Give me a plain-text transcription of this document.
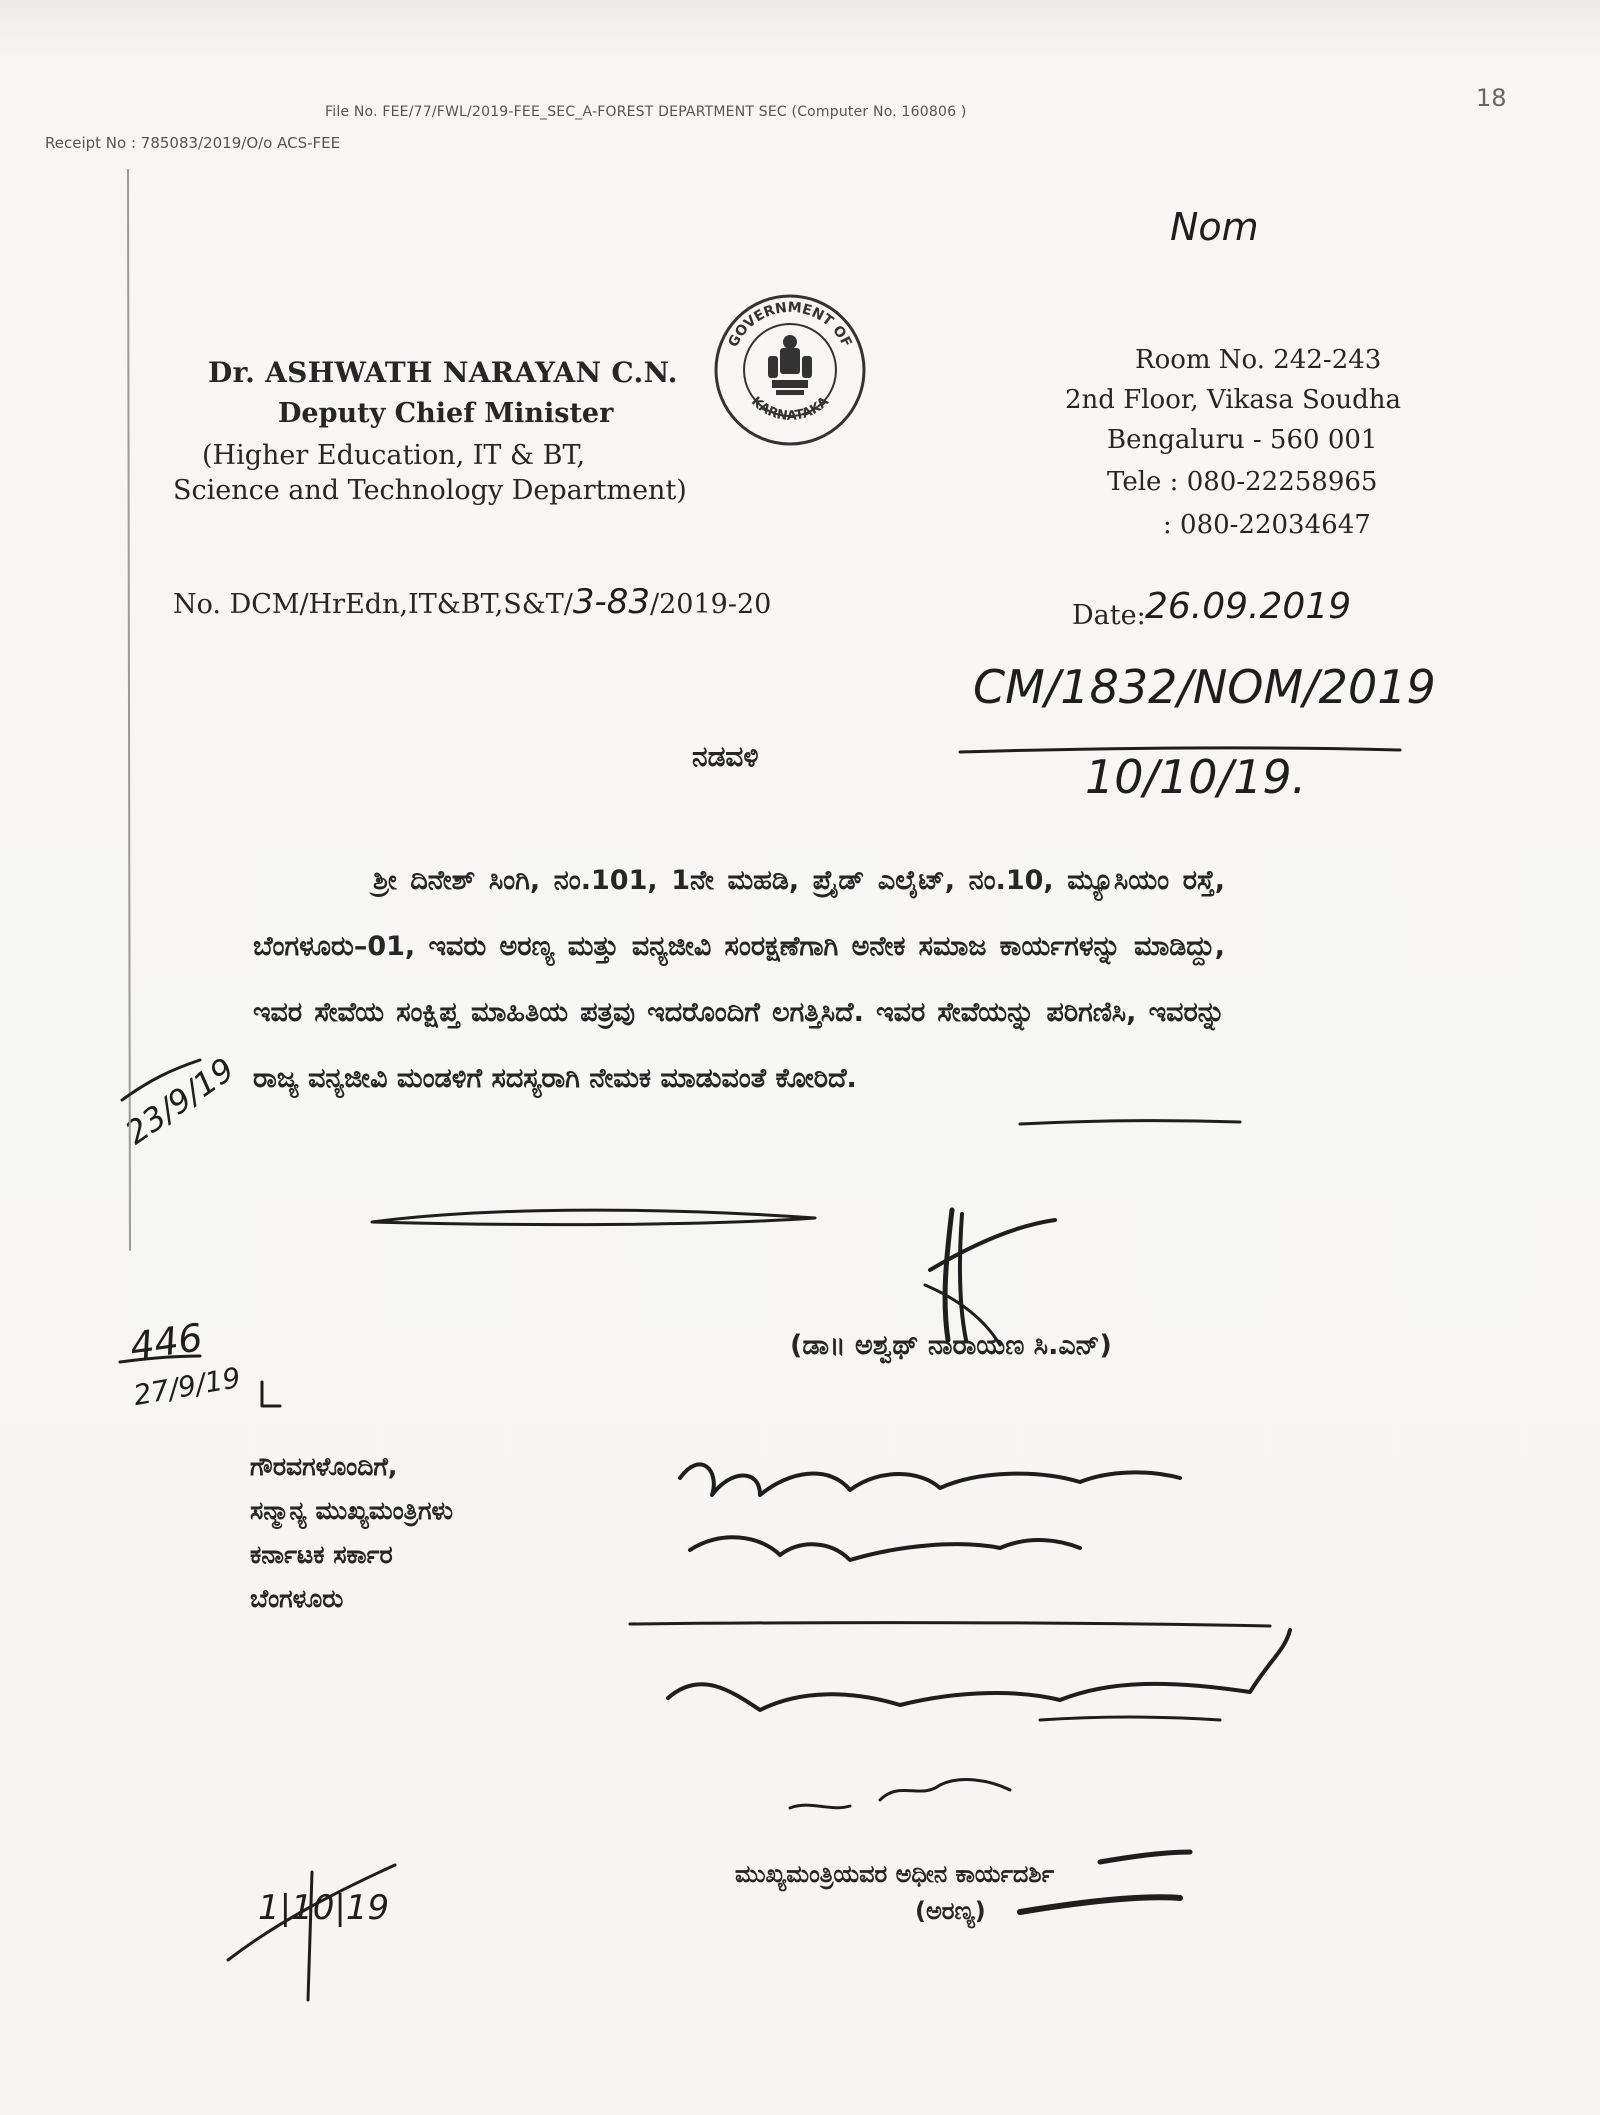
File No. FEE/77/FWL/2019-FEE_SEC_A-FOREST DEPARTMENT SEC (Computer No. 160806 )
Receipt No : 785083/2019/O/o ACS-FEE
18
Nom
Dr. ASHWATH NARAYAN C.N.
Deputy Chief Minister
(Higher Education, IT & BT,
Science and Technology Department)
GOVERNMENT OF
KARNATAKA
Room No. 242-243
2nd Floor, Vikasa Soudha
Bengaluru - 560 001
Tele : 080-22258965
: 080-22034647
No. DCM/HrEdn,IT&BT,S&T/3-83/2019-20	Date: 26.09.2019
CM/1832/NOM/2019
10/10/19.
ನಡವಳಿ
ಶ್ರೀ ದಿನೇಶ್ ಸಿಂಗಿ, ನಂ.101, 1ನೇ ಮಹಡಿ, ಪ್ರೈಡ್ ಎಲೈಟ್, ನಂ.10, ಮ್ಯೂಸಿಯಂ ರಸ್ತೆ, ಬೆಂಗಳೂರು–01, ಇವರು ಅರಣ್ಯ ಮತ್ತು ವನ್ಯಜೀವಿ ಸಂರಕ್ಷಣೆಗಾಗಿ ಅನೇಕ ಸಮಾಜ ಕಾರ್ಯಗಳನ್ನು ಮಾಡಿದ್ದು, ಇವರ ಸೇವೆಯ ಸಂಕ್ಷಿಪ್ತ ಮಾಹಿತಿಯ ಪತ್ರವು ಇದರೊಂದಿಗೆ ಲಗತ್ತಿಸಿದೆ. ಇವರ ಸೇವೆಯನ್ನು ಪರಿಗಣಿಸಿ, ಇವರನ್ನು ರಾಜ್ಯ ವನ್ಯಜೀವಿ ಮಂಡಳಿಗೆ ಸದಸ್ಯರಾಗಿ ನೇಮಕ ಮಾಡುವಂತೆ ಕೋರಿದೆ.
(ಡಾ॥ ಅಶ್ವಥ್ ನಾರಾಯಣ ಸಿ.ಎನ್)
ಗೌರವಗಳೊಂದಿಗೆ,
ಸನ್ಮಾನ್ಯ ಮುಖ್ಯಮಂತ್ರಿಗಳು
ಕರ್ನಾಟಕ ಸರ್ಕಾರ
ಬೆಂಗಳೂರು
ಮುಖ್ಯಮಂತ್ರಿಯವರ ಅಧೀನ ಕಾರ್ಯದರ್ಶಿ
(ಅರಣ್ಯ)
446
27/9/19
23/9/19
1|10|19
L
